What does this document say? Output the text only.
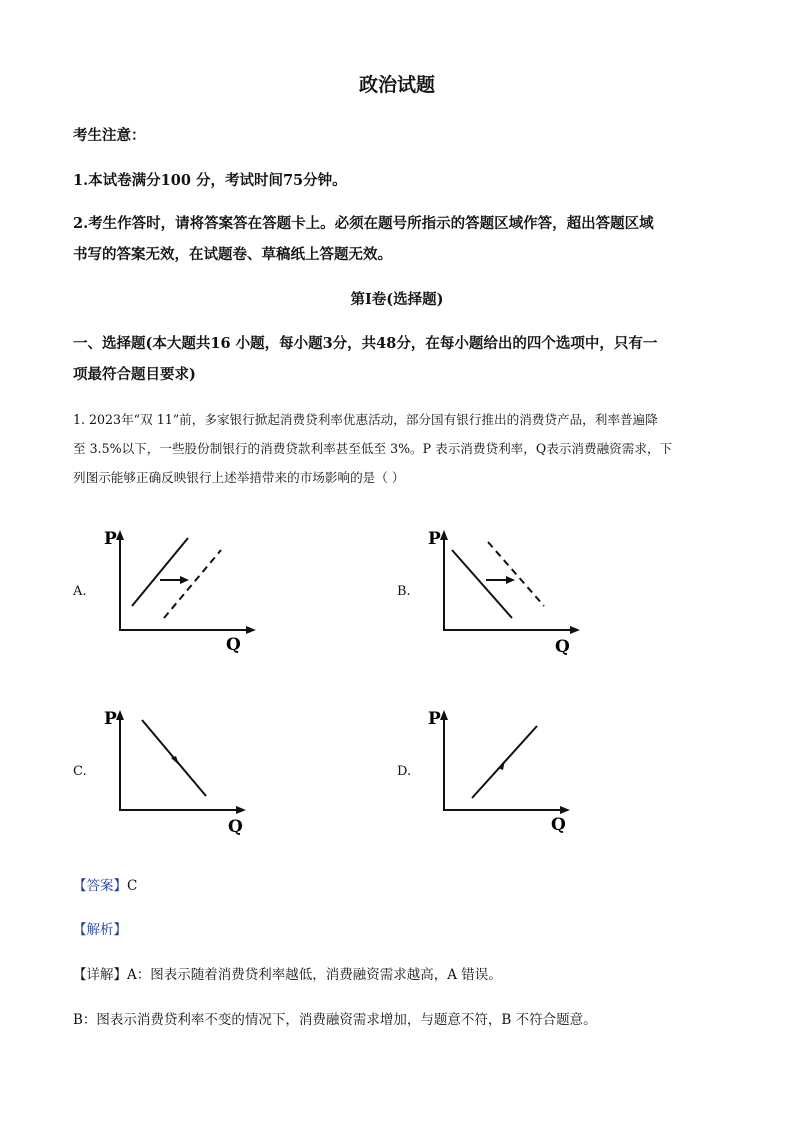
政治试题
考生注意：
1.本试卷满分100 分，考试时间75分钟。
2.考生作答时，请将答案答在答题卡上。必须在题号所指示的答题区域作答，超出答题区域
书写的答案无效，在试题卷、草稿纸上答题无效。
第Ⅰ卷(选择题)
一、选择题(本大题共16 小题，每小题3分，共48分，在每小题给出的四个选项中，只有一
项最符合题目要求)
1. 2023年“双 11”前，多家银行掀起消费贷利率优惠活动，部分国有银行推出的消费贷产品，利率普遍降
至 3.5%以下，一些股份制银行的消费贷款利率甚至低至 3%。P 表示消费贷利率，Q表示消费融资需求，下
列图示能够正确反映银行上述举措带来的市场影响的是（ ）
A.
P
Q
B.
P
Q
C.
P
Q
D.
P
Q
【答案】C
【解析】
【详解】A：图表示随着消费贷利率越低，消费融资需求越高，A 错误。
B：图表示消费贷利率不变的情况下，消费融资需求增加，与题意不符，B 不符合题意。
